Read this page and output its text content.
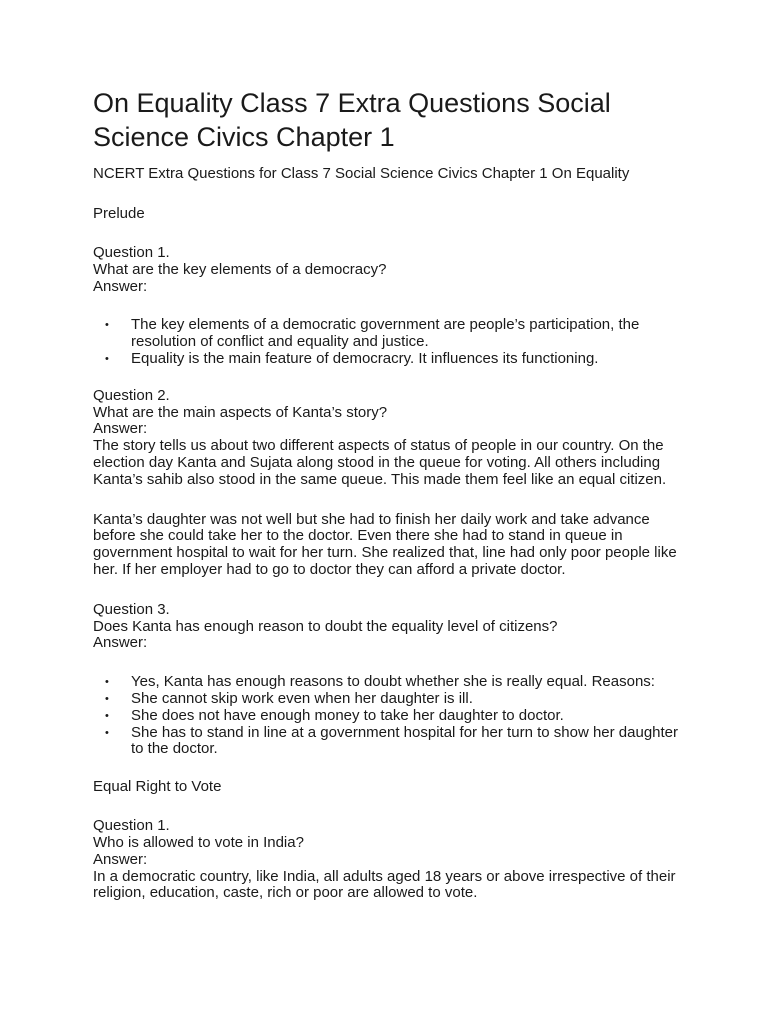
On Equality Class 7 Extra Questions Social Science Civics Chapter 1
NCERT Extra Questions for Class 7 Social Science Civics Chapter 1 On Equality
Prelude
Question 1.
What are the key elements of a democracy?
Answer:
• The key elements of a democratic government are people’s participation, the resolution of conflict and equality and justice.
• Equality is the main feature of democracry. It influences its functioning.
Question 2.
What are the main aspects of Kanta’s story?
Answer:

The story tells us about two different aspects of status of people in our country. On the election day Kanta and Sujata along stood in the queue for voting. All others including Kanta’s sahib also stood in the same queue. This made them feel like an equal citizen.

Kanta’s daughter was not well but she had to finish her daily work and take advance before she could take her to the doctor. Even there she had to stand in queue in government hospital to wait for her turn. She realized that, line had only poor people like her. If her employer had to go to doctor they can afford a private doctor.

Question 3.
Does Kanta has enough reason to doubt the equality level of citizens?
Answer:
• Yes, Kanta has enough reasons to doubt whether she is really equal. Reasons:
• She cannot skip work even when her daughter is ill.
• She does not have enough money to take her daughter to doctor.
• She has to stand in line at a government hospital for her turn to show her daughter to the doctor.
Equal Right to Vote
Question 1.
Who is allowed to vote in India?
Answer:

In a democratic country, like India, all adults aged 18 years or above irrespective of their religion, education, caste, rich or poor are allowed to vote.
